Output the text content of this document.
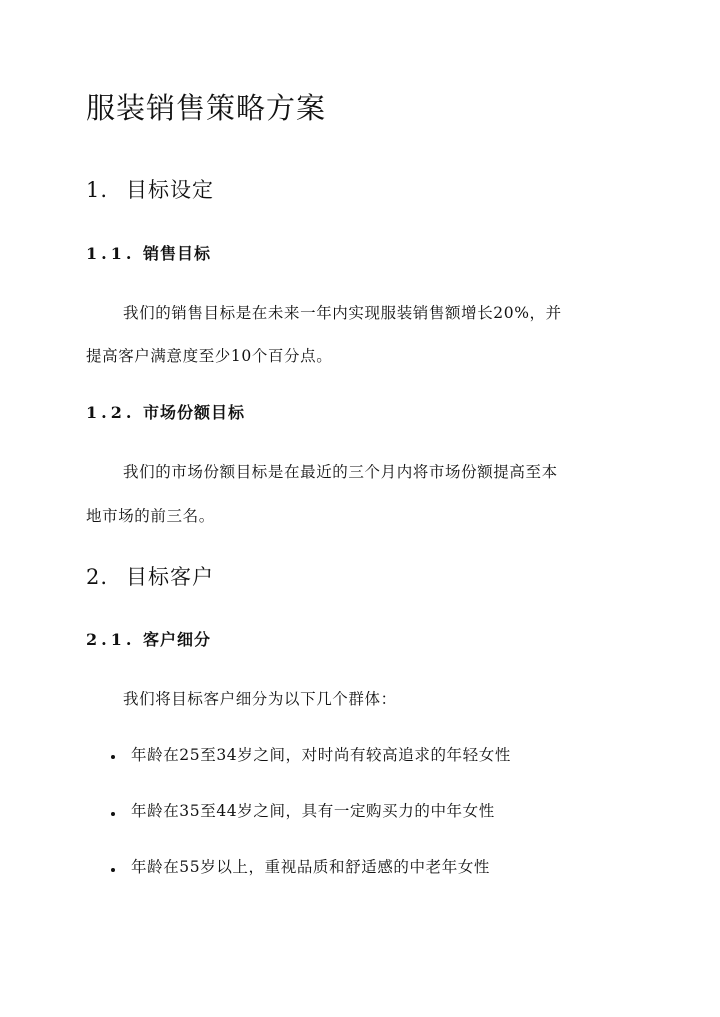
服装销售策略方案
1. 目标设定
1.1. 销售目标
我们的销售目标是在未来一年内实现服装销售额增长20%，并
提高客户满意度至少10个百分点。
1.2. 市场份额目标
我们的市场份额目标是在最近的三个月内将市场份额提高至本
地市场的前三名。
2. 目标客户
2.1. 客户细分
我们将目标客户细分为以下几个群体：
年龄在25至34岁之间，对时尚有较高追求的年轻女性
年龄在35至44岁之间，具有一定购买力的中年女性
年龄在55岁以上，重视品质和舒适感的中老年女性
